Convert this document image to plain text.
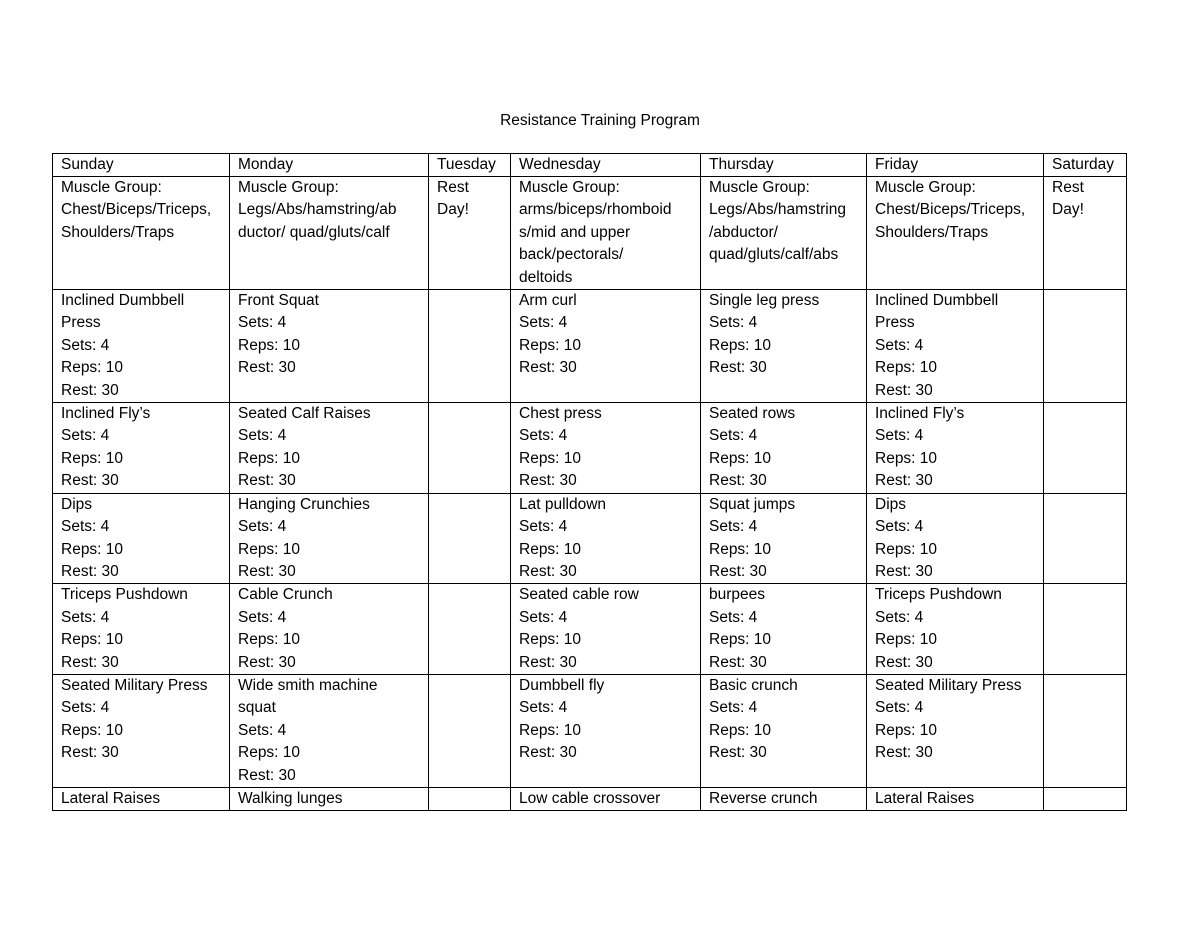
Resistance Training Program
Sunday	Monday	Tuesday	Wednesday	Thursday	Friday	Saturday

Muscle Group:
Chest/Biceps/Triceps,
Shoulders/Traps	Muscle Group:
Legs/Abs/hamstring/ab
ductor/ quad/gluts/calf	Rest
Day!	Muscle Group:
arms/biceps/rhomboid
s/mid and upper
back/pectorals/
deltoids	Muscle Group:
Legs/Abs/hamstring
/abductor/
quad/gluts/calf/abs	Muscle Group:
Chest/Biceps/Triceps,
Shoulders/Traps	Rest
Day!

Inclined Dumbbell
Press
Sets: 4
Reps: 10
Rest: 30	Front Squat
Sets: 4
Reps: 10
Rest: 30		Arm curl
Sets: 4
Reps: 10
Rest: 30	Single leg press
Sets: 4
Reps: 10
Rest: 30	Inclined Dumbbell
Press
Sets: 4
Reps: 10
Rest: 30	

Inclined Fly’s
Sets: 4
Reps: 10
Rest: 30	Seated Calf Raises
Sets: 4
Reps: 10
Rest: 30		Chest press
Sets: 4
Reps: 10
Rest: 30	Seated rows
Sets: 4
Reps: 10
Rest: 30	Inclined Fly’s
Sets: 4
Reps: 10
Rest: 30	

Dips
Sets: 4
Reps: 10
Rest: 30	Hanging Crunchies
Sets: 4
Reps: 10
Rest: 30		Lat pulldown
Sets: 4
Reps: 10
Rest: 30	Squat jumps
Sets: 4
Reps: 10
Rest: 30	Dips
Sets: 4
Reps: 10
Rest: 30	

Triceps Pushdown
Sets: 4
Reps: 10
Rest: 30	Cable Crunch
Sets: 4
Reps: 10
Rest: 30		Seated cable row
Sets: 4
Reps: 10
Rest: 30	burpees
Sets: 4
Reps: 10
Rest: 30	Triceps Pushdown
Sets: 4
Reps: 10
Rest: 30	

Seated Military Press
Sets: 4
Reps: 10
Rest: 30	Wide smith machine
squat
Sets: 4
Reps: 10
Rest: 30		Dumbbell fly
Sets: 4
Reps: 10
Rest: 30	Basic crunch
Sets: 4
Reps: 10
Rest: 30	Seated Military Press
Sets: 4
Reps: 10
Rest: 30	

Lateral Raises	Walking lunges		Low cable crossover	Reverse crunch	Lateral Raises	
